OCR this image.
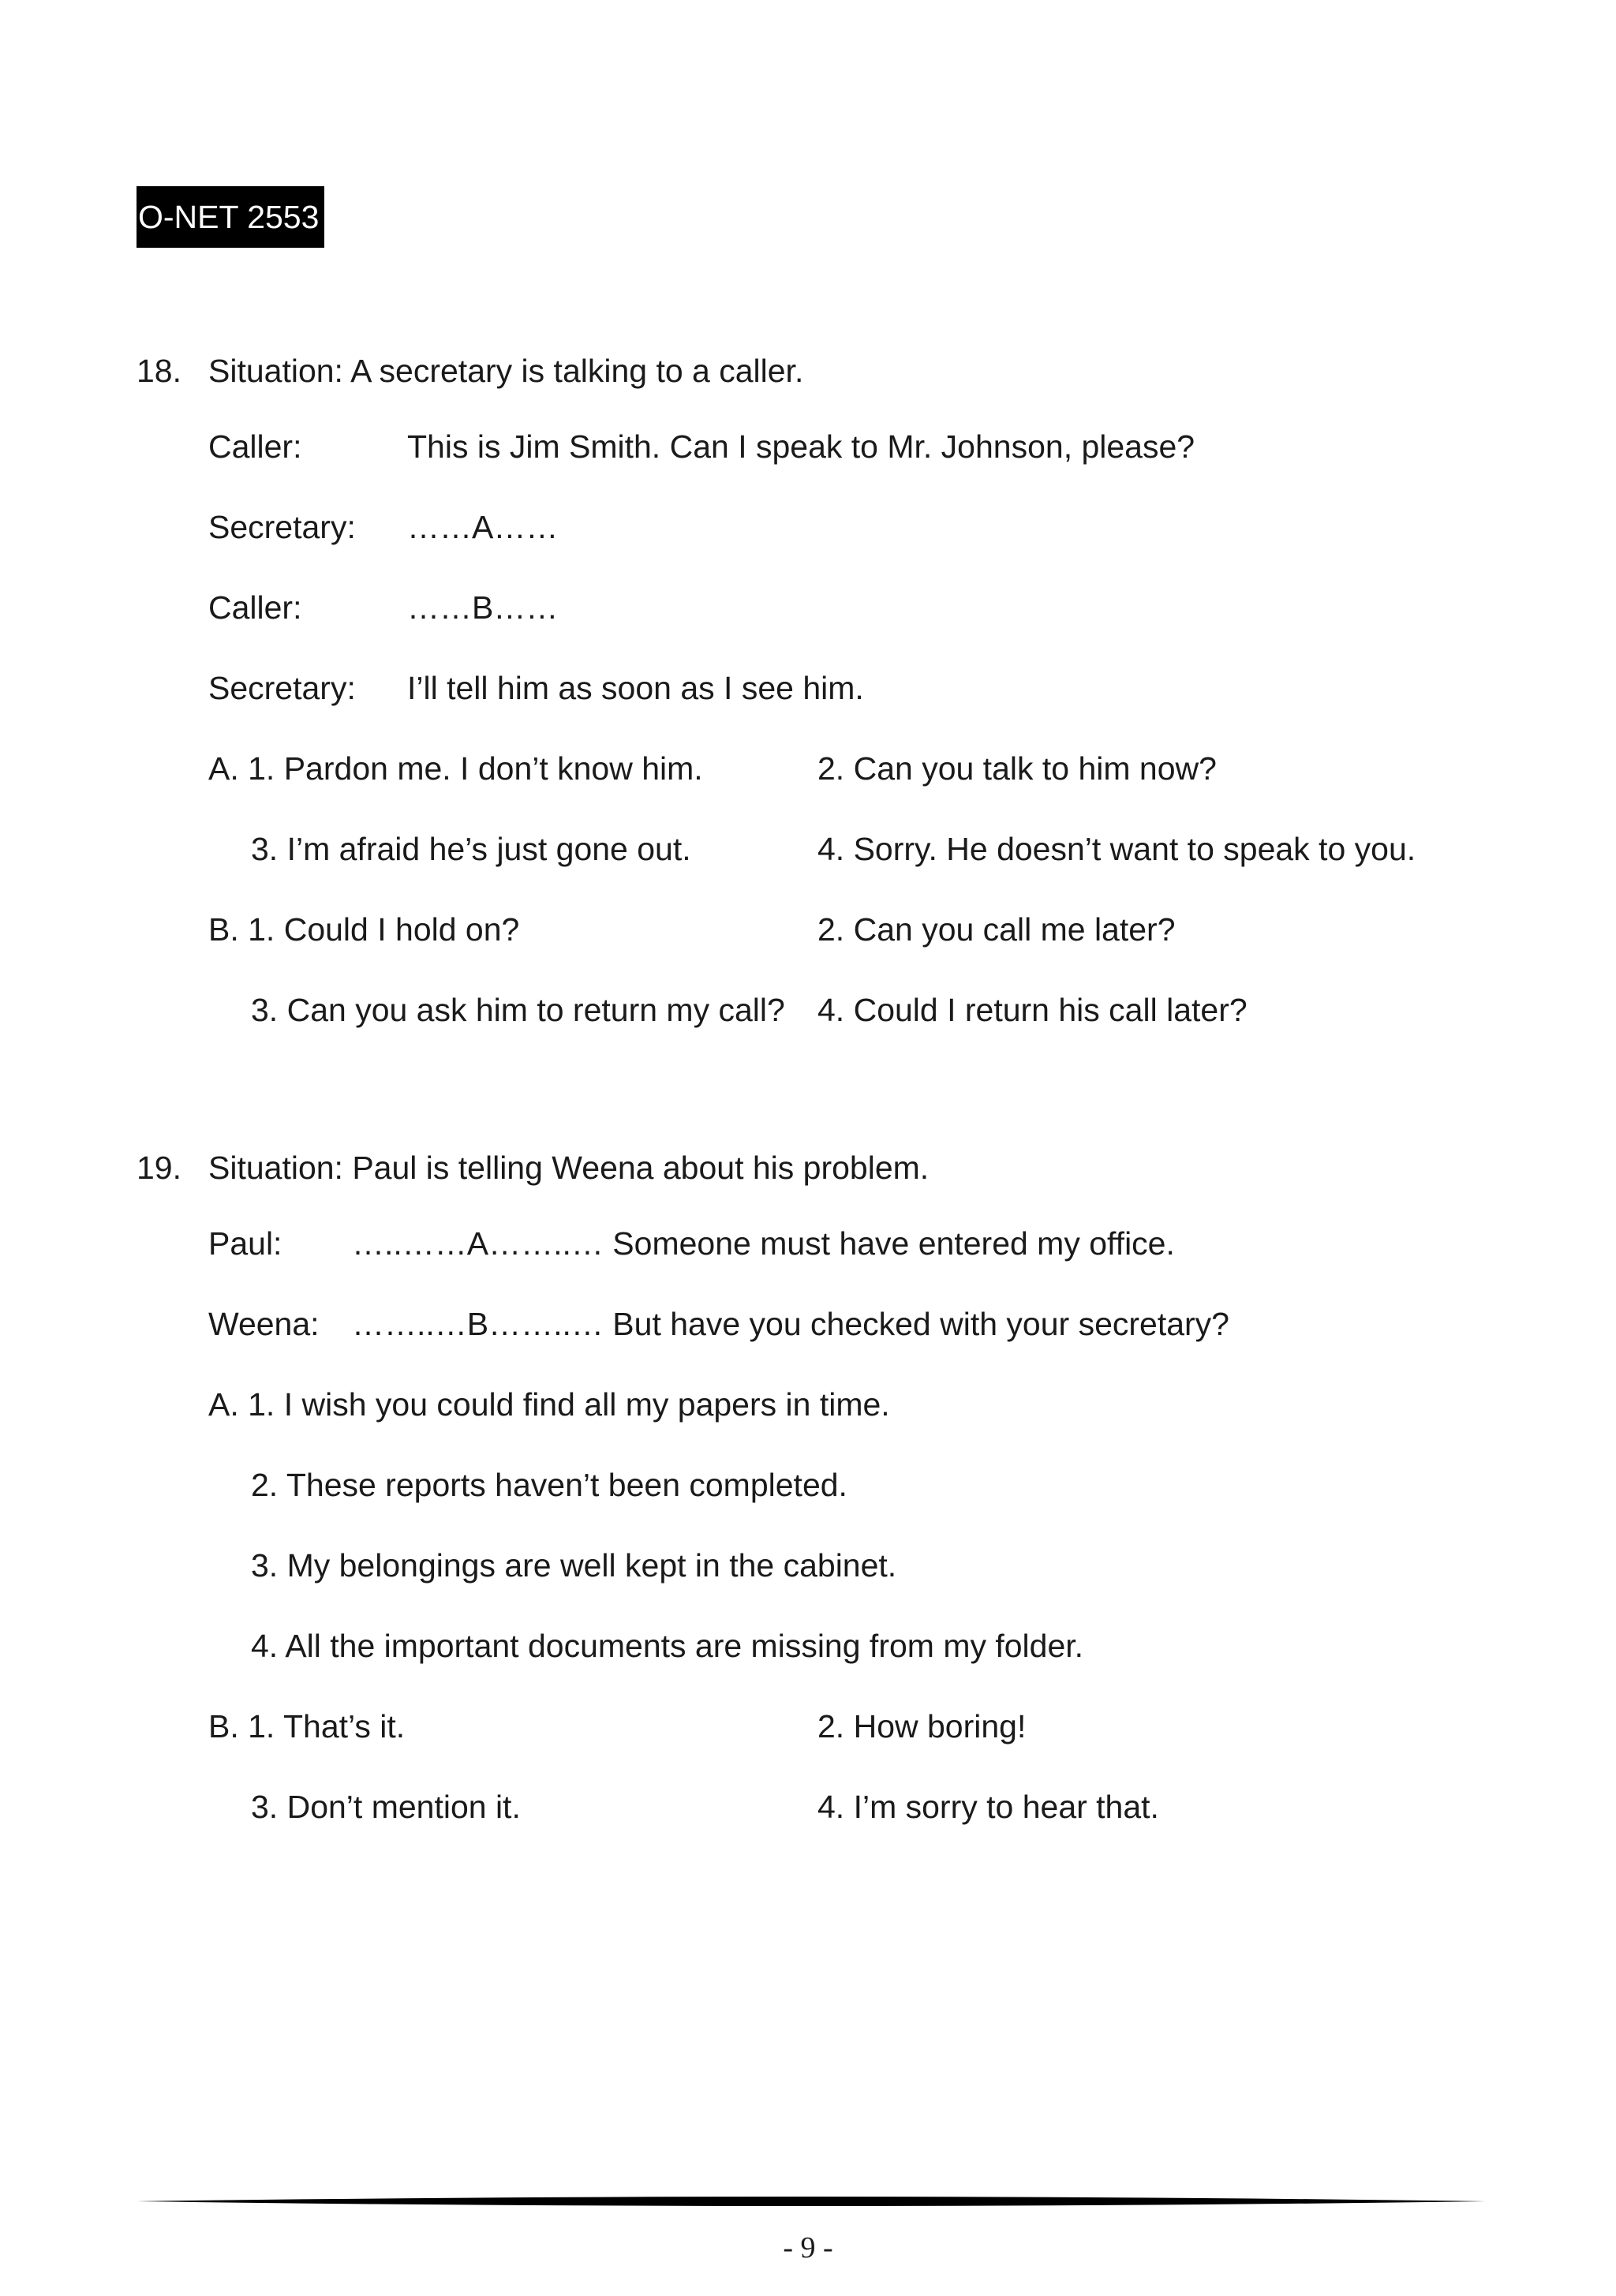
O-NET 2553
18. Situation: A secretary is talking to a caller.
Caller:	This is Jim Smith. Can I speak to Mr. Johnson, please?
Secretary: ……A……
Caller:	……B……
Secretary: I’ll tell him as soon as I see him.
A. 1. Pardon me. I don’t know him.	2. Can you talk to him now?
3. I’m afraid he’s just gone out.	4. Sorry. He doesn’t want to speak to you.
B. 1. Could I hold on?	2. Can you call me later?
3. Can you ask him to return my call? 4. Could I return his call later?
19. Situation: Paul is telling Weena about his problem.
Paul: …..……A……..… Someone must have entered my office.
Weena: ……..…B……..… But have you checked with your secretary?
A. 1. I wish you could find all my papers in time.
2. These reports haven’t been completed.
3. My belongings are well kept in the cabinet.
4. All the important documents are missing from my folder.
B. 1. That’s it.	2. How boring!
3. Don’t mention it.	4. I’m sorry to hear that.
- 9 -
